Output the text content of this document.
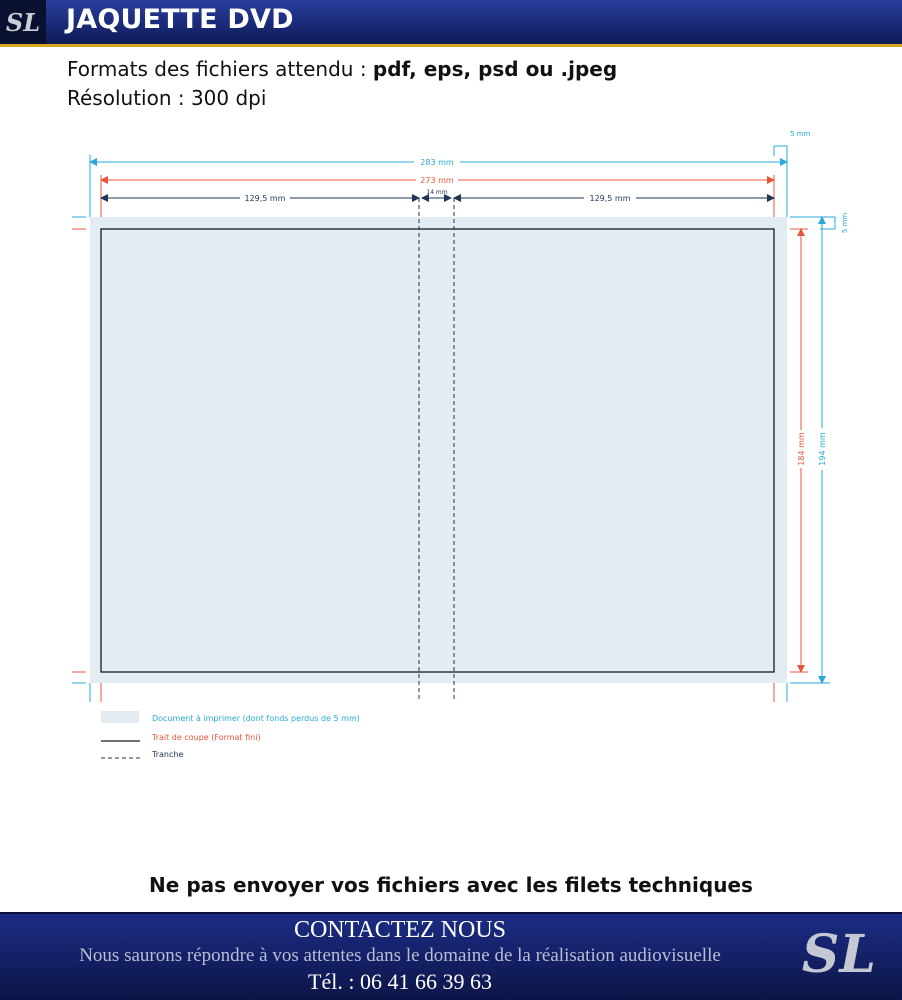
SL JAQUETTE DVD
Formats des fichiers attendu : pdf, eps, psd ou .jpeg
Résolution : 300 dpi
283 mm
273 mm
129,5 mm
14 mm
129,5 mm
5 mm
5 mm
184 mm 194 mm
Document à imprimer (dont fonds perdus de 5 mm)
Trait de coupe (Format fini)
Tranche
Ne pas envoyer vos fichiers avec les filets techniques
CONTACTEZ NOUS
Nous saurons répondre à vos attentes dans le domaine de la réalisation audiovisuelle
Tél. : 06 41 66 39 63	SL
